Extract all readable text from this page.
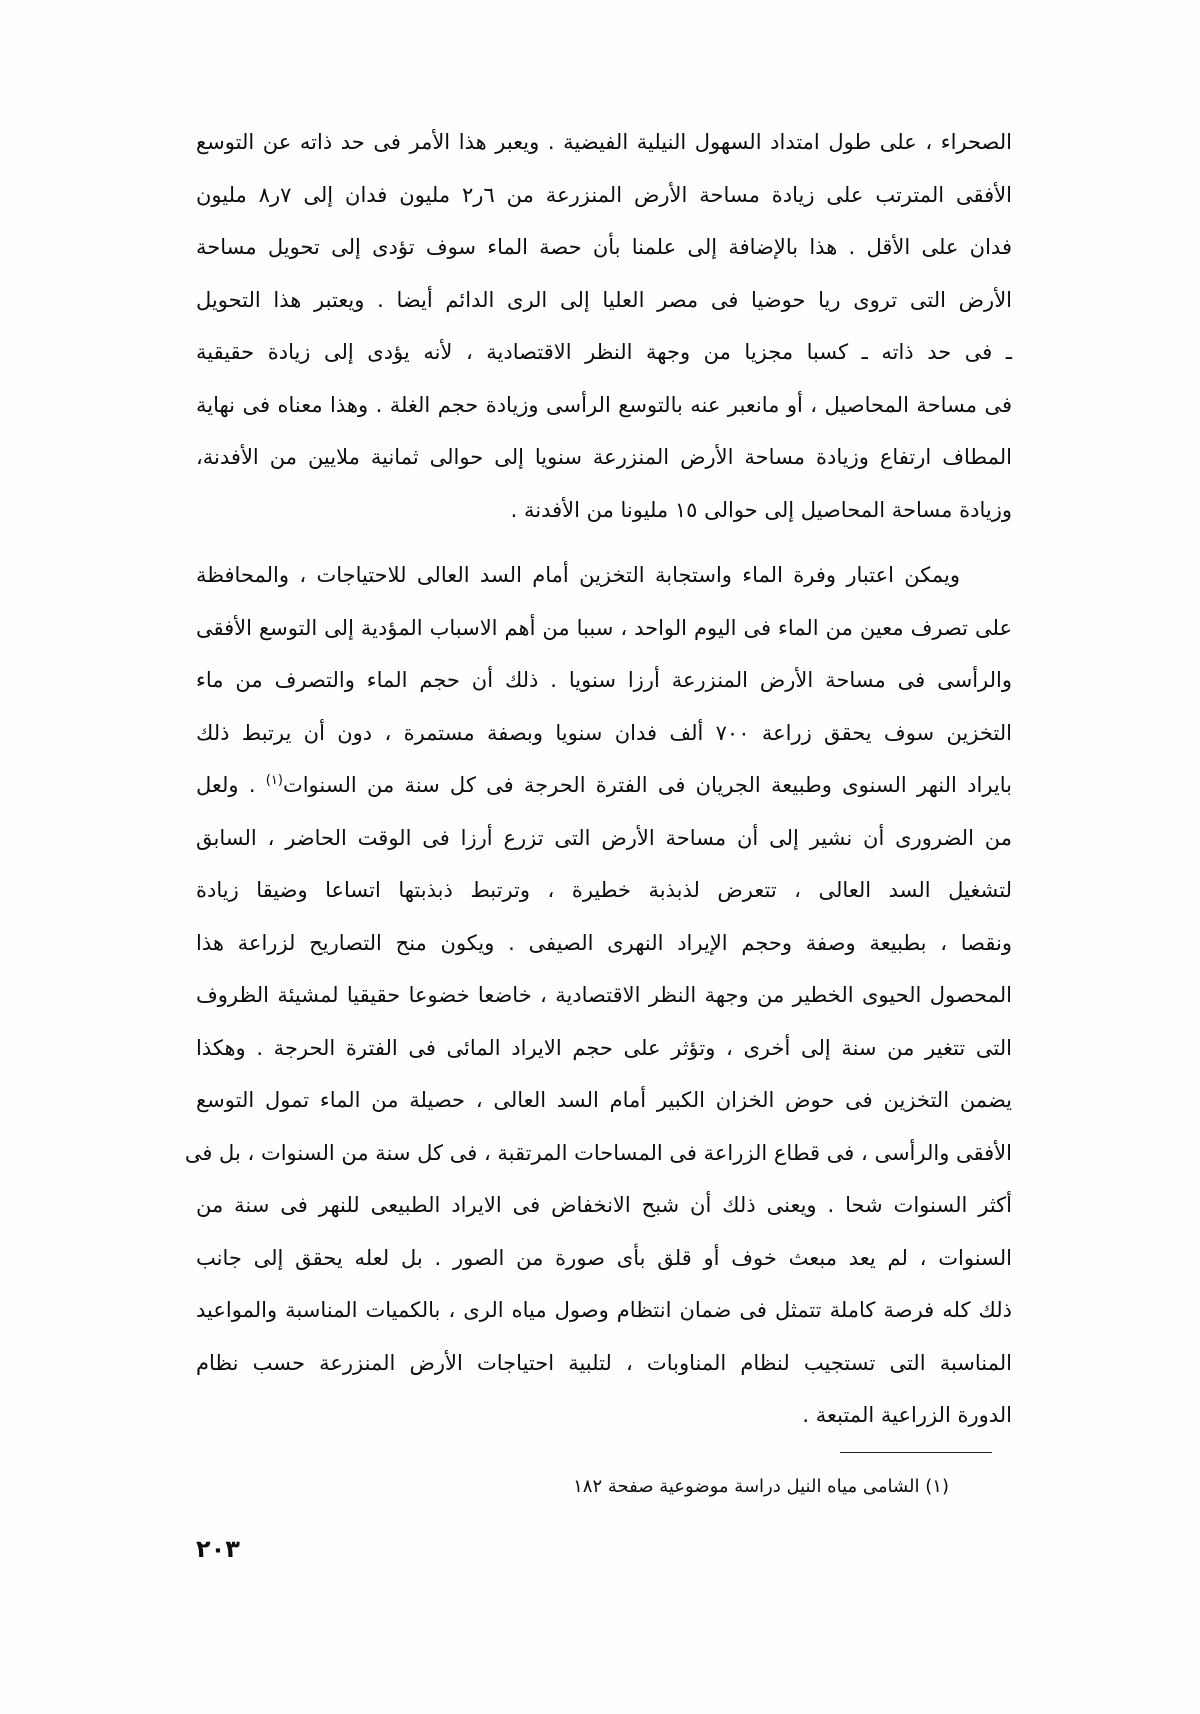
الصحراء ، على طول امتداد السهول النيلية الفيضية . ويعبر هذا الأمر فى حد ذاته عن التوسع
الأفقى المترتب على زيادة مساحة الأرض المنزرعة من ٦ر٢ مليون فدان إلى ٧ر٨ مليون
فدان على الأقل . هذا بالإضافة إلى علمنا بأن حصة الماء سوف تؤدى إلى تحويل مساحة
الأرض التى تروى ريا حوضيا فى مصر العليا إلى الرى الدائم أيضا . ويعتبر هذا التحويل
ـ فى حد ذاته ـ كسبا مجزيا من وجهة النظر الاقتصادية ، لأنه يؤدى إلى زيادة حقيقية
فى مساحة المحاصيل ، أو مانعبر عنه بالتوسع الرأسى وزيادة حجم الغلة . وهذا معناه فى نهاية
المطاف ارتفاع وزيادة مساحة الأرض المنزرعة سنويا إلى حوالى ثمانية ملايين من الأفدنة،
وزيادة مساحة المحاصيل إلى حوالى ١٥ مليونا من الأفدنة .
ويمكن اعتبار وفرة الماء واستجابة التخزين أمام السد العالى للاحتياجات ، والمحافظة
على تصرف معين من الماء فى اليوم الواحد ، سببا من أهم الاسباب المؤدية إلى التوسع الأفقى
والرأسى فى مساحة الأرض المنزرعة أرزا سنويا . ذلك أن حجم الماء والتصرف من ماء
التخزين سوف يحقق زراعة ٧٠٠ ألف فدان سنويا وبصفة مستمرة ، دون أن يرتبط ذلك
بايراد النهر السنوى وطبيعة الجريان فى الفترة الحرجة فى كل سنة من السنوات$^{(١)}$ . ولعل
من الضرورى أن نشير إلى أن مساحة الأرض التى تزرع أرزا فى الوقت الحاضر ، السابق
لتشغيل السد العالى ، تتعرض لذبذبة خطيرة ، وترتبط ذبذبتها اتساعا وضيقا زيادة
ونقصا ، بطبيعة وصفة وحجم الإيراد النهرى الصيفى . ويكون منح التصاريح لزراعة هذا
المحصول الحيوى الخطير من وجهة النظر الاقتصادية ، خاضعا خضوعا حقيقيا لمشيئة الظروف
التى تتغير من سنة إلى أخرى ، وتؤثر على حجم الايراد المائى فى الفترة الحرجة . وهكذا
يضمن التخزين فى حوض الخزان الكبير أمام السد العالى ، حصيلة من الماء تمول التوسع
الأفقى والرأسى ، فى قطاع الزراعة فى المساحات المرتقبة ، فى كل سنة من السنوات ، بل فى
أكثر السنوات شحا . ويعنى ذلك أن شبح الانخفاض فى الايراد الطبيعى للنهر فى سنة من
السنوات ، لم يعد مبعث خوف أو قلق بأى صورة من الصور . بل لعله يحقق إلى جانب
ذلك كله فرصة كاملة تتمثل فى ضمان انتظام وصول مياه الرى ، بالكميات المناسبة والمواعيد
المناسبة التى تستجيب لنظام المناوبات ، لتلبية احتياجات الأرض المنزرعة حسب نظام
الدورة الزراعية المتبعة .
(١) الشامى مياه النيل دراسة موضوعية صفحة ١٨٢
٢٠٣
